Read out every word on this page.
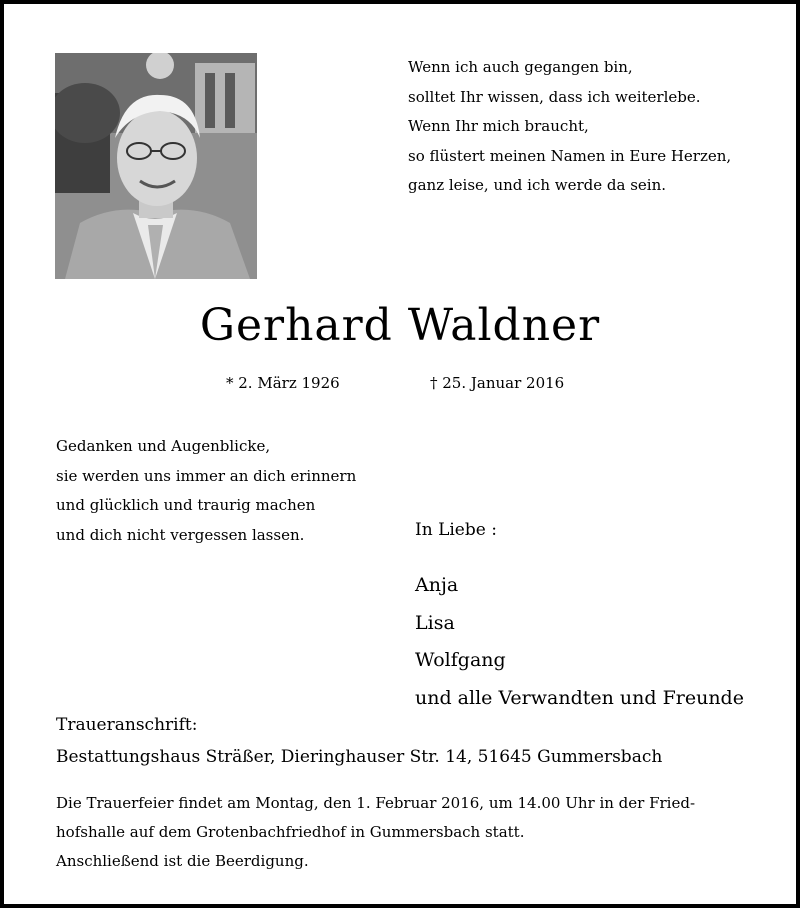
Wenn ich auch gegangen bin,
solltet Ihr wissen, dass ich weiterlebe.
Wenn Ihr mich braucht,
so flüstert meinen Namen in Eure Herzen,
ganz leise, und ich werde da sein.
Gerhard Waldner
* 2. März 1926	† 25. Januar 2016
Gedanken und Augenblicke,
sie werden uns immer an dich erinnern
und glücklich und traurig machen
und dich nicht vergessen lassen.	In Liebe :
Anja
Lisa
Wolfgang
und alle Verwandten und Freunde
Traueranschrift:
Bestattungshaus Sträßer, Dieringhauser Str. 14, 51645 Gummersbach
Die Trauerfeier findet am Montag, den 1. Februar 2016, um 14.00 Uhr in der Fried-
hofshalle auf dem Grotenbachfriedhof in Gummersbach statt.
Anschließend ist die Beerdigung.
